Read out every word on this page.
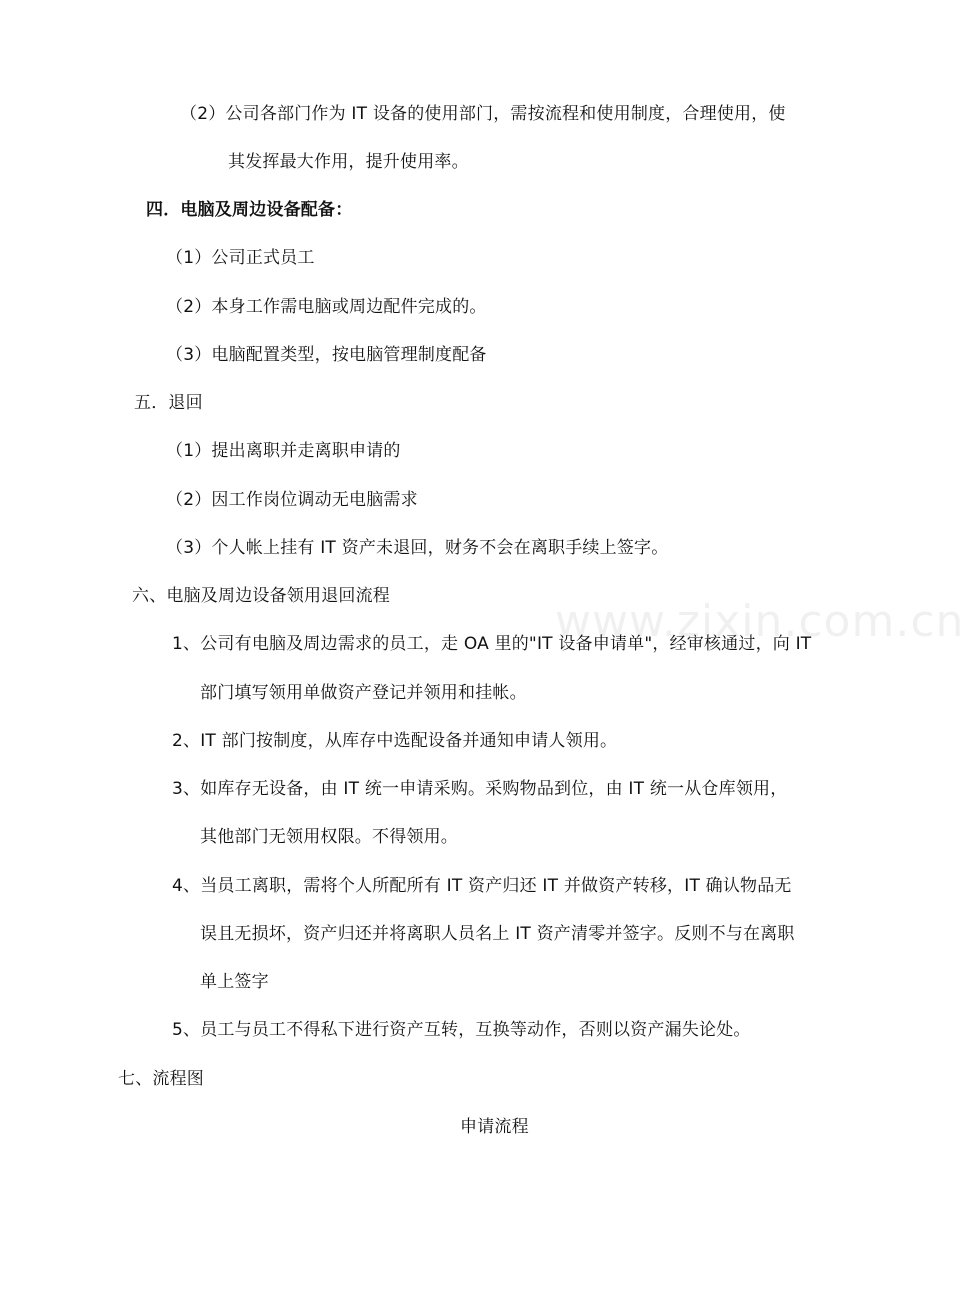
www.zixin.com.cn
（2）公司各部门作为 IT 设备的使用部门，需按流程和使用制度，合理使用，使
其发挥最大作用，提升使用率。
四．电脑及周边设备配备：
（1）公司正式员工
（2）本身工作需电脑或周边配件完成的。
（3）电脑配置类型，按电脑管理制度配备
五．退回
（1）提出离职并走离职申请的
（2）因工作岗位调动无电脑需求
（3）个人帐上挂有 IT 资产未退回，财务不会在离职手续上签字。
六、电脑及周边设备领用退回流程
1、公司有电脑及周边需求的员工，走 OA 里的"IT 设备申请单"，经审核通过，向 IT
部门填写领用单做资产登记并领用和挂帐。
2、IT 部门按制度，从库存中选配设备并通知申请人领用。
3、如库存无设备，由 IT 统一申请采购。采购物品到位，由 IT 统一从仓库领用，
其他部门无领用权限。不得领用。
4、当员工离职，需将个人所配所有 IT 资产归还 IT 并做资产转移，IT 确认物品无
误且无损坏，资产归还并将离职人员名上 IT 资产清零并签字。反则不与在离职
单上签字
5、员工与员工不得私下进行资产互转，互换等动作，否则以资产漏失论处。
七、流程图
申请流程
